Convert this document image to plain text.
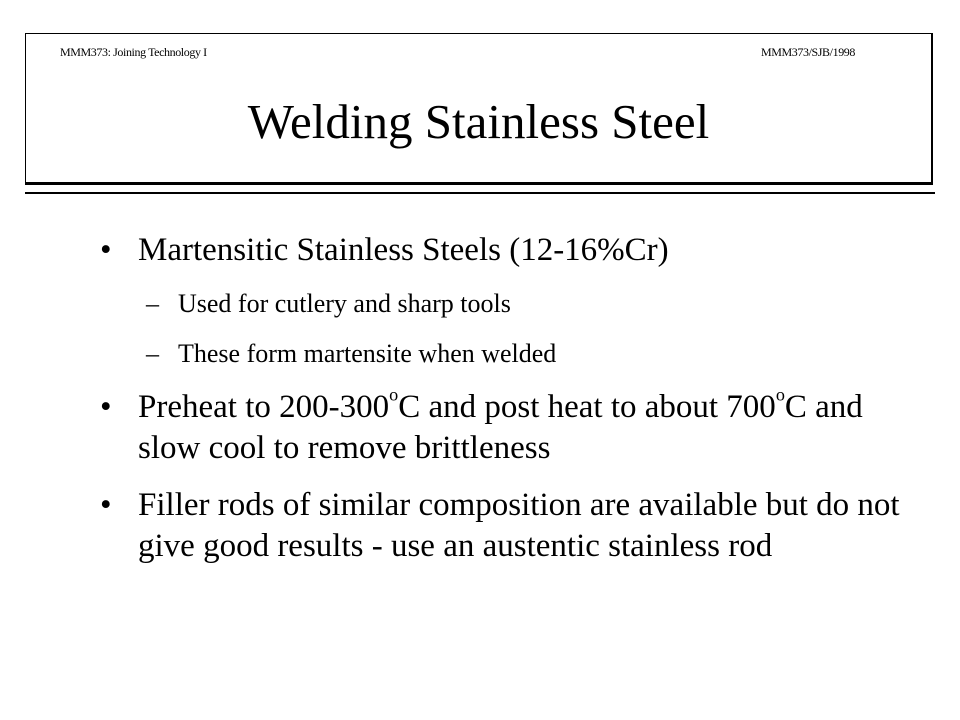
MMM373: Joining Technology I	MMM373/SJB/1998
Welding Stainless Steel
• Martensitic Stainless Steels (12-16%Cr)
– Used for cutlery and sharp tools
– These form martensite when welded
• Preheat to 200-300$^o$C and post heat to about 700$^o$C and slow cool to remove brittleness
• Filler rods of similar composition are available but do not give good results - use an austentic stainless rod
